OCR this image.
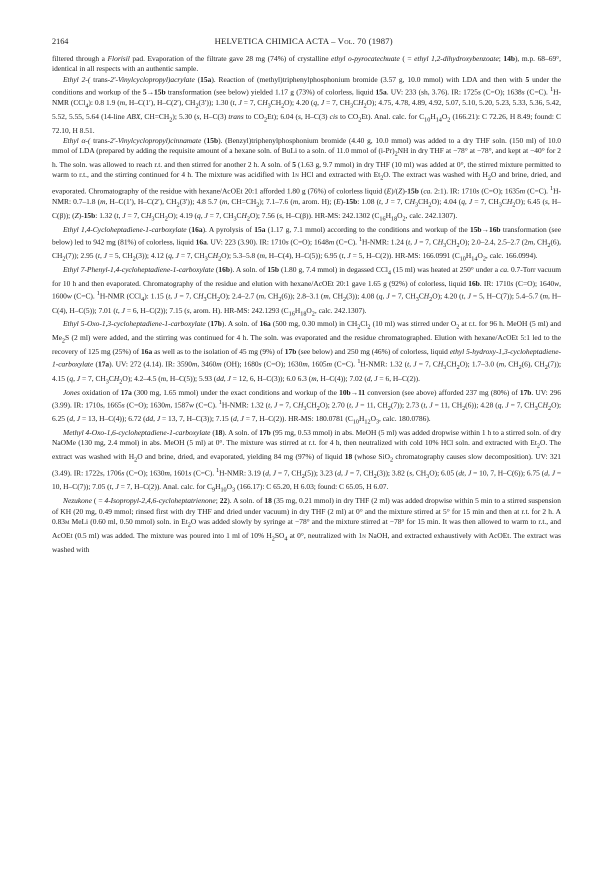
2164	HELVETICA CHIMICA ACTA – Vol. 70 (1987)

filtered through a Florisil pad. Evaporation of the filtrate gave 28 mg (74%) of crystalline ethyl o-pyrocatechuate ( = ethyl 1,2-dihydroxybenzoate; 14b), m.p. 68–69°, identical in all respects with an authentic sample.

Ethyl 2-( trans-2′-Vinylcyclopropyl)acrylate (15a). Reaction of (methyl)triphenylphosphonium bromide (3.57 g, 10.0 mmol) with LDA and then with 5 under the conditions and workup of the 5→15b transformation (see below) yielded 1.17 g (73%) of colorless, liquid 15a. UV: 233 (sh, 3.76). IR: 1725s (C=O); 1638s (C=C). $^1$H-NMR (CCl$_4$): 0.8 1.9 (m, H–C(1′), H–C(2′), $CH_2(3')$); 1.30 (t, J = 7, $CH_3CH_2O$); 4.20 (q, J = 7, $CH_3CH_2O$); 4.75, 4.78, 4.89, 4.92, 5.07, 5.10, 5.20, 5.23, 5.33, 5.36, 5.42, 5.52, 5.55, 5.64 (14-line ABX, $CH=CH_2$); 5.30 (s, H–C(3) trans to $CO_2Et$); 6.04 (s, H–C(3) cis to $CO_2Et$). Anal. calc. for $C_{10}H_{14}O_2$ (166.21): C 72.26, H 8.49; found: C 72.10, H 8.51.

Ethyl α-( trans-2′-Vinylcyclopropyl)cinnamate (15b). (Benzyl)triphenylphosphonium bromide (4.40 g, 10.0 mmol) was added to a dry THF soln. (150 ml) of 10.0 mmol of LDA (prepared by adding the requisite amount of a hexane soln. of BuLi to a soln. of 11.0 mmol of $(i-Pr)_2NH$ in dry THF at −78° at −78°, and kept at −40° for 2 h. The soln. was allowed to reach r.t. and then stirred for another 2 h. A soln. of 5 (1.63 g, 9.7 mmol) in dry THF (10 ml) was added at 0°, the stirred mixture permitted to warm to r.t., and the stirring continued for 4 h. The mixture was acidified with 1n HCl and extracted with $Et_2O$. The extract was washed with $H_2O$ and brine, dried, and evaporated. Chromatography of the residue with hexane/AcOEt 20:1 afforded 1.80 g (76%) of colorless liquid (E)/(Z)-15b (ca. 2:1). IR: 1710s (C=O); 1635m (C=C). $^1$H-NMR: 0.7–1.8 (m, H–C(1′), H–C(2′), $CH_2(3')$); 4.8 5.7 (m, $CH=CH_2$); 7.1–7.6 (m, arom. H); (E)-15b: 1.08 (t, J = 7, $CH_3CH_2O$); 4.04 (q, J = 7, $CH_3CH_2O$); 6.45 (s, H–C(β)); (Z)-15b: 1.32 (t, J = 7, $CH_3CH_2O$); 4.19 (q, J = 7, $CH_3CH_2O$); 7.56 (s, H–C(β)). HR-MS: 242.1302 ($C_{16}H_{18}O_2$, calc. 242.1307).

Ethyl 1,4-Cycloheptadiene-1-carboxylate (16a). A pyrolysis of 15a (1.17 g, 7.1 mmol) according to the conditions and workup of the 15b→16b transformation (see below) led to 942 mg (81%) of colorless, liquid 16a. UV: 223 (3.90). IR: 1710s (C=O); 1648m (C=C). $^1$H-NMR: 1.24 (t, J = 7, $CH_3CH_2O$); 2.0–2.4, 2.5–2.7 (2m, $CH_2(6)$, $CH_2(7)$); 2.95 (t, J = 5, $CH_2(3)$); 4.12 (q, J = 7, $CH_3CH_2O$); 5.3–5.8 (m, H–C(4), H–C(5)); 6.95 (t, J = 5, H–C(2)). HR-MS: 166.0991 ($C_{10}H_{14}O_2$, calc. 166.0994).

Ethyl 7-Phenyl-1,4-cycloheptadiene-1-carboxylate (16b). A soln. of 15b (1.80 g, 7.4 mmol) in degassed CCl$_4$ (15 ml) was heated at 250° under a ca. 0.7-Torr vacuum for 10 h and then evaporated. Chromatography of the residue and elution with hexane/AcOEt 20:1 gave 1.65 g (92%) of colorless, liquid 16b. IR: 1710s (C=O); 1640w, 1600w (C=C). $^1$H-NMR (CCl$_4$): 1.15 (t, J = 7, $CH_3CH_2O$); 2.4–2.7 (m, $CH_2(6)$); 2.8–3.1 (m, $CH_2(3)$); 4.08 (q, J = 7, $CH_3CH_2O$); 4.20 (t, J = 5, H–C(7)); 5.4–5.7 (m, H–C(4), H–C(5)); 7.01 (t, J = 6, H–C(2)); 7.15 (s, arom. H). HR-MS: 242.1293 ($C_{16}H_{18}O_2$, calc. 242.1307).

Ethyl 5-Oxo-1,3-cycloheptadiene-1-carboxylate (17b). A soln. of 16a (500 mg, 0.30 mmol) in $CH_2Cl_2$ (10 ml) was stirred under $O_2$ at r.t. for 96 h. MeOH (5 ml) and $Me_2S$ (2 ml) were added, and the stirring was continued for 4 h. The soln. was evaporated and the residue chromatographed. Elution with hexane/AcOEt 5:1 led to the recovery of 125 mg (25%) of 16a as well as to the isolation of 45 mg (9%) of 17b (see below) and 250 mg (46%) of colorless, liquid ethyl 5-hydroxy-1,3-cycloheptadiene-1-carboxylate (17a). UV: 272 (4.14). IR: 3590m, 3460m (OH); 1680s (C=O); 1630m, 1605m (C=C). $^1$H-NMR: 1.32 (t, J = 7, $CH_3CH_2O$); 1.7–3.0 (m, $CH_2(6)$, $CH_2(7)$); 4.15 (q, J = 7, $CH_3CH_2O$); 4.2–4.5 (m, H–C(5)); 5.93 (dd, J = 12, 6, H–C(3)); 6.0 6.3 (m, H–C(4)); 7.02 (d, J = 6, H–C(2)).

Jones oxidation of 17a (300 mg, 1.65 mmol) under the exact conditions and workup of the 10b→11 conversion (see above) afforded 237 mg (80%) of 17b. UV: 296 (3.99). IR: 1710s, 1665s (C=O); 1630m, 1587w (C=C). $^1$H-NMR: 1.32 (t, J = 7, $CH_3CH_2O$); 2.70 (t, J = 11, $CH_2(7)$); 2.73 (t, J = 11, $CH_2(6)$); 4.28 (q, J = 7, $CH_3CH_2O$); 6.25 (d, J = 13, H–C(4)); 6.72 (dd, J = 13, 7, H–C(3)); 7.15 (d, J = 7, H–C(2)). HR-MS: 180.0781 ($C_{10}H_{12}O_3$, calc. 180.0786).

Methyl 4-Oxo-1,6-cycloheptadiene-1-carboxylate (18). A soln. of 17b (95 mg, 0.53 mmol) in abs. MeOH (5 ml) was added dropwise within 1 h to a stirred soln. of dry NaOMe (130 mg, 2.4 mmol) in abs. MeOH (5 ml) at 0°. The mixture was stirred at r.t. for 4 h, then neutralized with cold 10% HCl soln. and extracted with $Et_2O$. The extract was washed with $H_2O$ and brine, dried, and evaporated, yielding 84 mg (97%) of liquid 18 (whose SiO$_2$ chromatography causes slow decomposition). UV: 321 (3.49). IR: 1722s, 1706s (C=O); 1630m, 1601s (C=C). $^1$H-NMR: 3.19 (d, J = 7, $CH_2(5)$); 3.23 (d, J = 7, $CH_2(3)$); 3.82 (s, $CH_3O$); 6.05 (dt, J = 10, 7, H–C(6)); 6.75 (d, J = 10, H–C(7)); 7.05 (t, J = 7, H–C(2)). Anal. calc. for $C_9H_{10}O_3$ (166.17): C 65.20, H 6.03; found: C 65.05, H 6.07.

Nezukone ( = 4-Isopropyl-2,4,6-cycloheptatrienone; 22). A soln. of 18 (35 mg, 0.21 mmol) in dry THF (2 ml) was added dropwise within 5 min to a stirred suspension of KH (20 mg, 0.49 mmol; rinsed first with dry THF and dried under vacuum) in dry THF (2 ml) at 0° and the mixture stirred at 5° for 15 min and then at r.t. for 2 h. A 0.83m MeLi (0.60 ml, 0.50 mmol) soln. in $Et_2O$ was added slowly by syringe at −78° and the mixture stirred at −78° for 15 min. It was then allowed to warm to r.t., and AcOEt (0.5 ml) was added. The mixture was poured into 1 ml of 10% $H_2SO_4$ at 0°, neutralized with 1n NaOH, and extracted exhaustively with AcOEt. The extract was washed with
